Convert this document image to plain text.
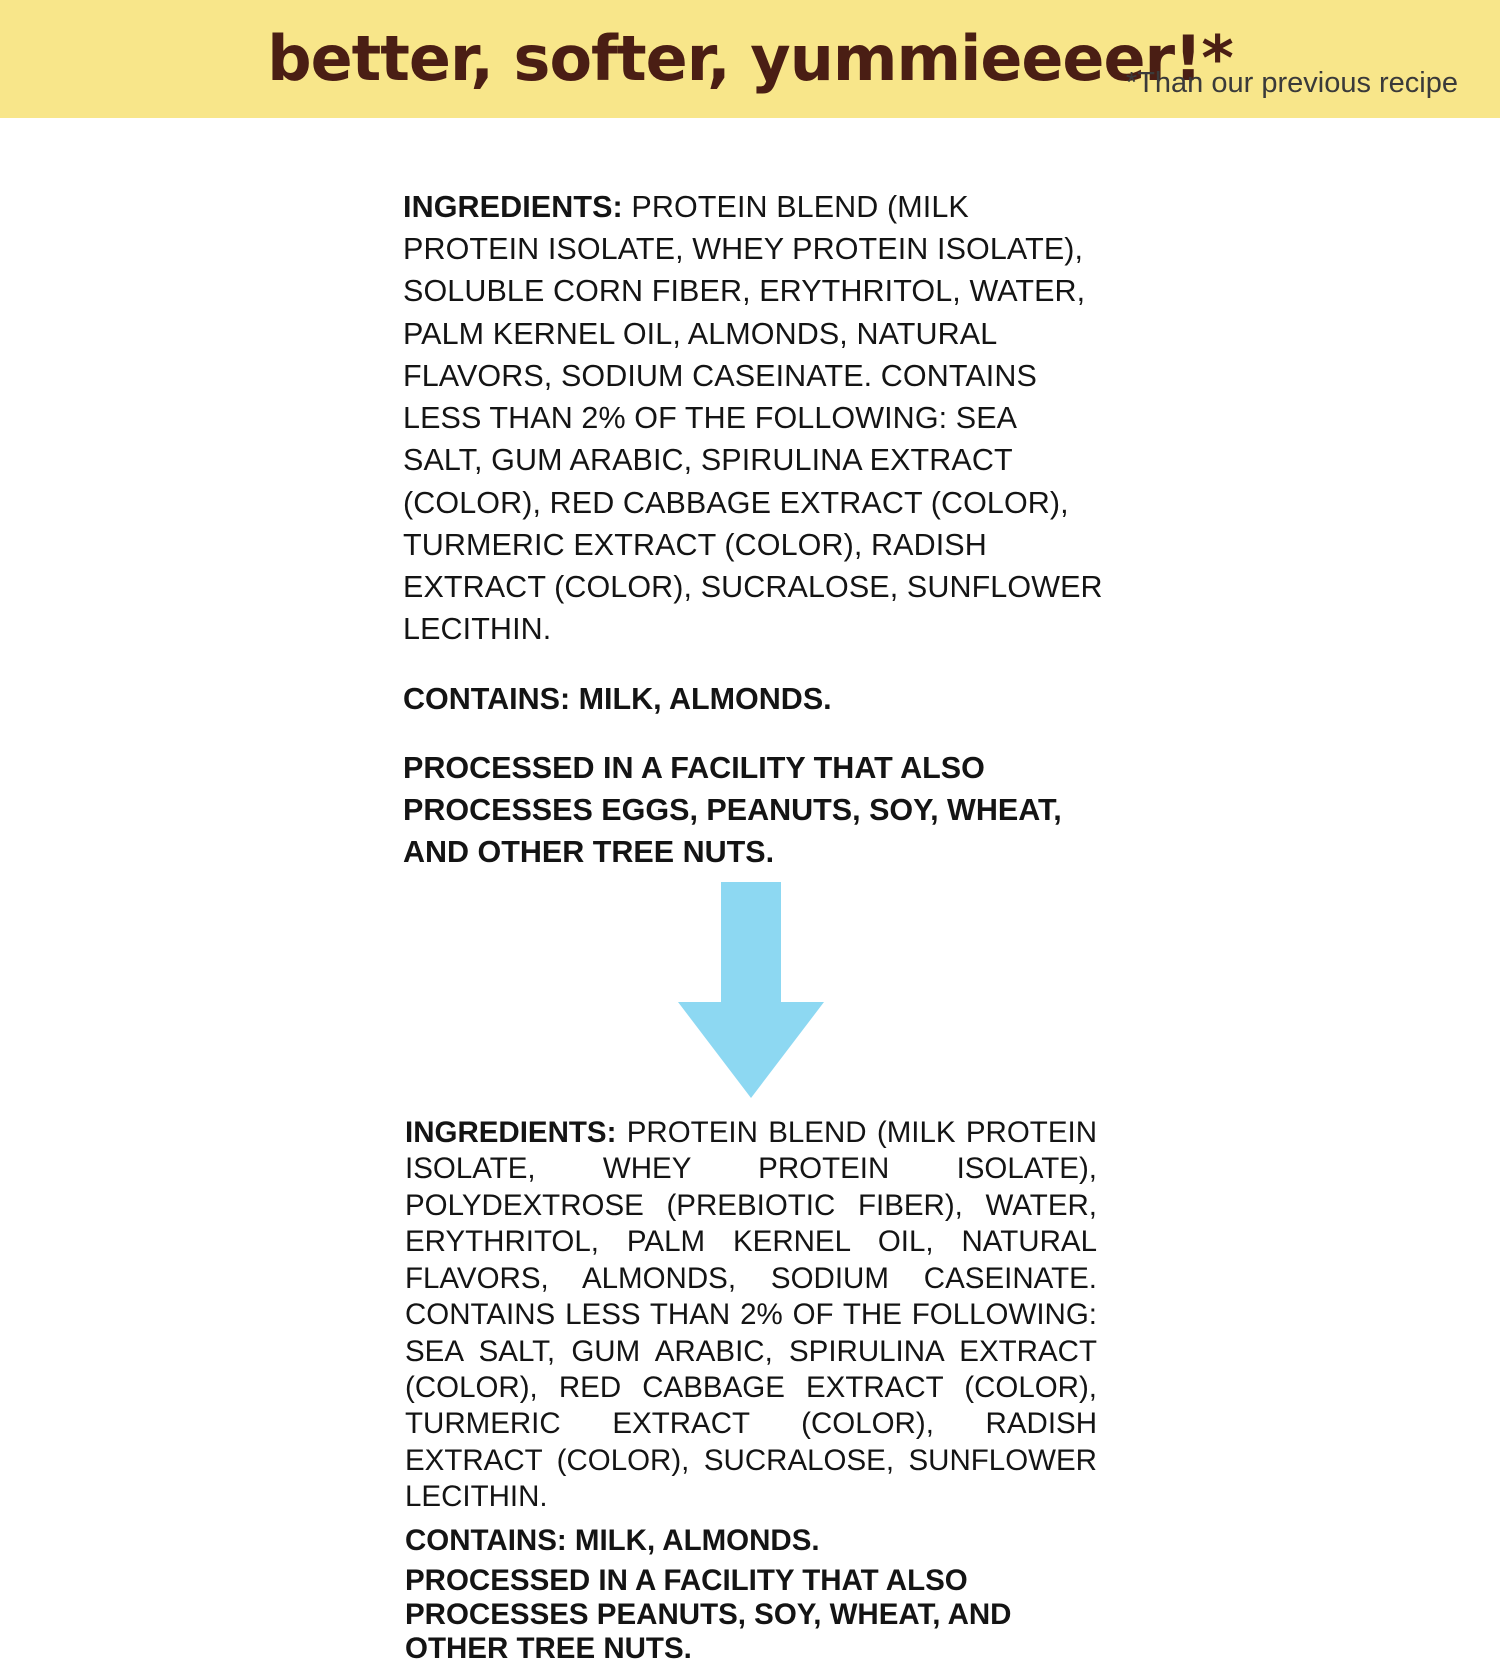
better, softer, yummieeeer!*

INGREDIENTS: PROTEIN BLEND (MILK PROTEIN ISOLATE, WHEY PROTEIN ISOLATE), SOLUBLE CORN FIBER, ERYTHRITOL, WATER, PALM KERNEL OIL, ALMONDS, NATURAL FLAVORS, SODIUM CASEINATE. CONTAINS LESS THAN 2% OF THE FOLLOWING: SEA SALT, GUM ARABIC, SPIRULINA EXTRACT (COLOR), RED CABBAGE EXTRACT (COLOR), TURMERIC EXTRACT (COLOR), RADISH EXTRACT (COLOR), SUCRALOSE, SUNFLOWER LECITHIN.

CONTAINS: MILK, ALMONDS.

PROCESSED IN A FACILITY THAT ALSO PROCESSES EGGS, PEANUTS, SOY, WHEAT, AND OTHER TREE NUTS.

INGREDIENTS: PROTEIN BLEND (MILK PROTEIN ISOLATE, WHEY PROTEIN ISOLATE), POLYDEXTROSE (PREBIOTIC FIBER), WATER, ERYTHRITOL, PALM KERNEL OIL, NATURAL FLAVORS, ALMONDS, SODIUM CASEINATE. CONTAINS LESS THAN 2% OF THE FOLLOWING: SEA SALT, GUM ARABIC, SPIRULINA EXTRACT (COLOR), RED CABBAGE EXTRACT (COLOR), TURMERIC EXTRACT (COLOR), RADISH EXTRACT (COLOR), SUCRALOSE, SUNFLOWER LECITHIN.

CONTAINS: MILK, ALMONDS.

PROCESSED IN A FACILITY THAT ALSO PROCESSES PEANUTS, SOY, WHEAT, AND OTHER TREE NUTS.

*Than our previous recipe
